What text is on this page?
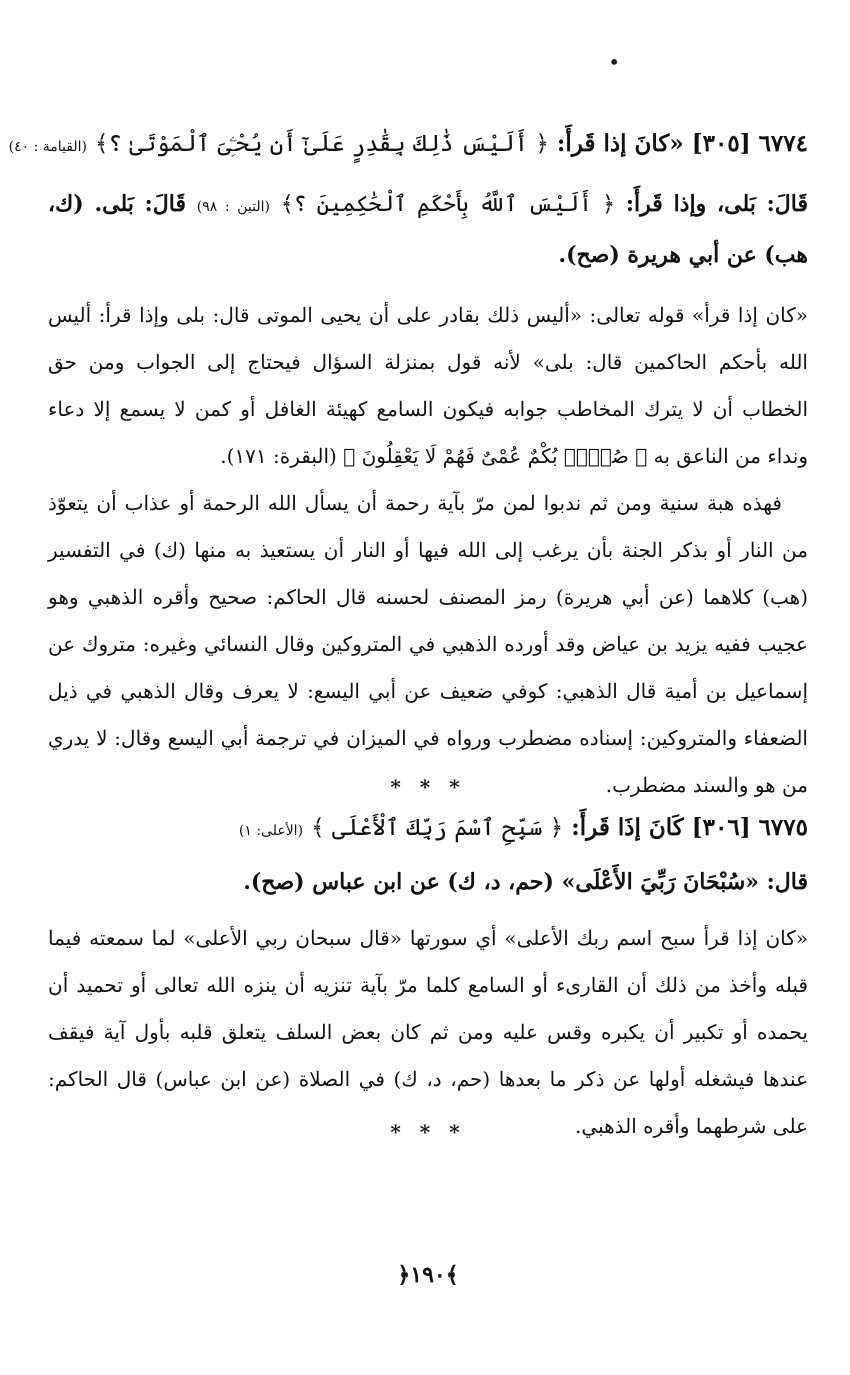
•
٦٧٧٤ [٣٠٥] «كانَ إذا قَرأَ: ﴿ أَلَيْسَ ذَٰلِكَ بِقَٰدِرٍ عَلَىٰٓ أَن يُحْـِۧىَ ٱلْمَوْتَىٰ ؟﴾ (القيامة : ٤٠)
قَالَ: بَلى، وإذا قَرأَ: ﴿ أَلَيْسَ ٱللَّهُ بِأَحْكَمِ ٱلْحَٰكِمِينَ ؟﴾ (التين : ٩٨) قَالَ: بَلى. (ك، هب) عن أبي هريرة (صح).

«كان إذا قرأ» قوله تعالى: «أليس ذلك بقادر على أن يحيى الموتى قال: بلى وإذا قرأ: أليس الله بأحكم الحاكمين قال: بلى» لأنه قول بمنزلة السؤال فيحتاج إلى الجواب ومن حق الخطاب أن لا يترك المخاطب جوابه فيكون السامع كهيئة الغافل أو كمن لا يسمع إلا دعاء ونداء من الناعق به ﴿ صُمٌّۢ بُكْمٌ عُمْىٌ فَهُمْ لَا يَعْقِلُونَ ﴾ (البقرة: ١٧١).

فهذه هبة سنية ومن ثم ندبوا لمن مرّ بآية رحمة أن يسأل الله الرحمة أو عذاب أن يتعوّذ من النار أو بذكر الجنة بأن يرغب إلى الله فيها أو النار أن يستعيذ به منها (ك) في التفسير (هب) كلاهما (عن أبي هريرة) رمز المصنف لحسنه قال الحاكم: صحيح وأقره الذهبي وهو عجيب ففيه يزيد بن عياض وقد أورده الذهبي في المتروكين وقال النسائي وغيره: متروك عن إسماعيل بن أمية قال الذهبي: كوفي ضعيف عن أبي اليسع: لا يعرف وقال الذهبي في ذيل الضعفاء والمتروكين: إسناده مضطرب ورواه في الميزان في ترجمة أبي اليسع وقال: لا يدري من هو والسند مضطرب.

* * *
٦٧٧٥ [٣٠٦] كَانَ إذَا قَرأَ: ﴿ سَبِّحِ ٱسْمَ رَبِّكَ ٱلْأَعْلَى ﴾ (الأعلى: ١)
قال: «سُبْحَانَ رَبِّيَ الأَعْلَى» (حم، د، ك) عن ابن عباس (صح).

«كان إذا قرأ سبح اسم ربك الأعلى» أي سورتها «قال سبحان ربي الأعلى» لما سمعته فيما قبله وأخذ من ذلك أن القارىء أو السامع كلما مرّ بآية تنزيه أن ينزه الله تعالى أو تحميد أن يحمده أو تكبير أن يكبره وقس عليه ومن ثم كان بعض السلف يتعلق قلبه بأول آية فيقف عندها فيشغله أولها عن ذكر ما بعدها (حم، د، ك) في الصلاة (عن ابن عباس) قال الحاكم: على شرطهما وأقره الذهبي.

* * *
﴿١٩٠﴾
